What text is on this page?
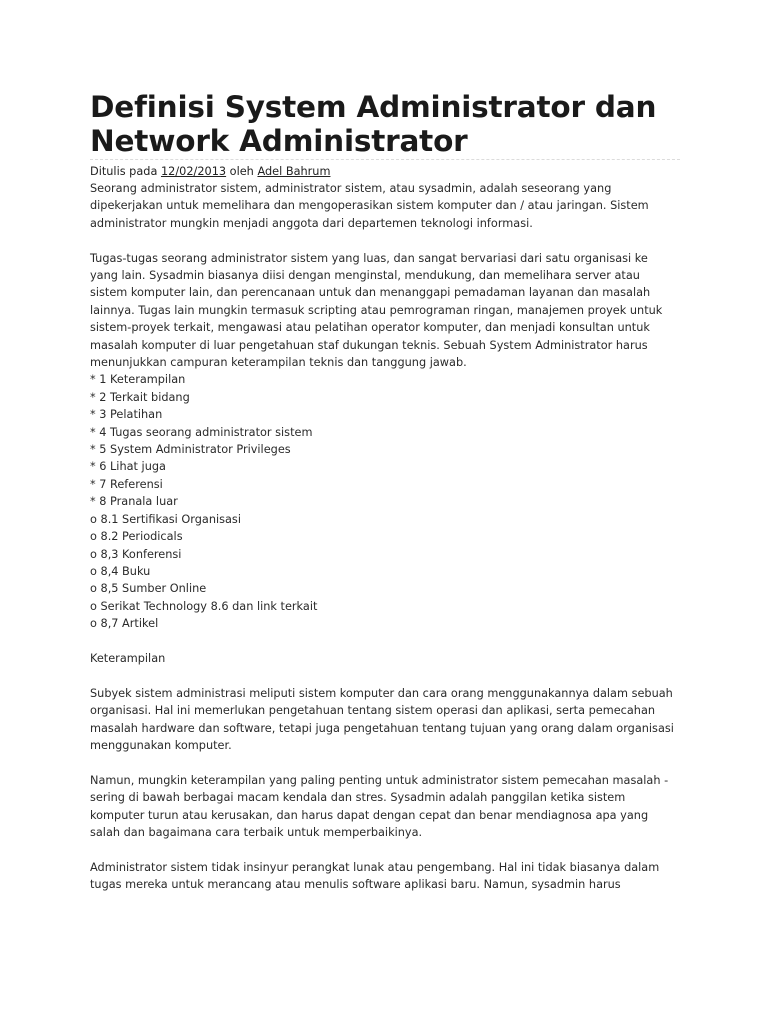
Definisi System Administrator dan
Network Administrator
Ditulis pada 12/02/2013 oleh Adel Bahrum

Seorang administrator sistem, administrator sistem, atau sysadmin, adalah seseorang yang
dipekerjakan untuk memelihara dan mengoperasikan sistem komputer dan / atau jaringan. Sistem
administrator mungkin menjadi anggota dari departemen teknologi informasi.

Tugas-tugas seorang administrator sistem yang luas, dan sangat bervariasi dari satu organisasi ke
yang lain. Sysadmin biasanya diisi dengan menginstal, mendukung, dan memelihara server atau
sistem komputer lain, dan perencanaan untuk dan menanggapi pemadaman layanan dan masalah
lainnya. Tugas lain mungkin termasuk scripting atau pemrograman ringan, manajemen proyek untuk
sistem-proyek terkait, mengawasi atau pelatihan operator komputer, dan menjadi konsultan untuk
masalah komputer di luar pengetahuan staf dukungan teknis. Sebuah System Administrator harus
menunjukkan campuran keterampilan teknis dan tanggung jawab.

* 1 Keterampilan
* 2 Terkait bidang
* 3 Pelatihan
* 4 Tugas seorang administrator sistem
* 5 System Administrator Privileges
* 6 Lihat juga
* 7 Referensi
* 8 Pranala luar
o 8.1 Sertifikasi Organisasi
o 8.2 Periodicals
o 8,3 Konferensi
o 8,4 Buku
o 8,5 Sumber Online
o Serikat Technology 8.6 dan link terkait
o 8,7 Artikel

Keterampilan

Subyek sistem administrasi meliputi sistem komputer dan cara orang menggunakannya dalam sebuah
organisasi. Hal ini memerlukan pengetahuan tentang sistem operasi dan aplikasi, serta pemecahan
masalah hardware dan software, tetapi juga pengetahuan tentang tujuan yang orang dalam organisasi
menggunakan komputer.

Namun, mungkin keterampilan yang paling penting untuk administrator sistem pemecahan masalah -
sering di bawah berbagai macam kendala dan stres. Sysadmin adalah panggilan ketika sistem
komputer turun atau kerusakan, dan harus dapat dengan cepat dan benar mendiagnosa apa yang
salah dan bagaimana cara terbaik untuk memperbaikinya.

Administrator sistem tidak insinyur perangkat lunak atau pengembang. Hal ini tidak biasanya dalam
tugas mereka untuk merancang atau menulis software aplikasi baru. Namun, sysadmin harus
